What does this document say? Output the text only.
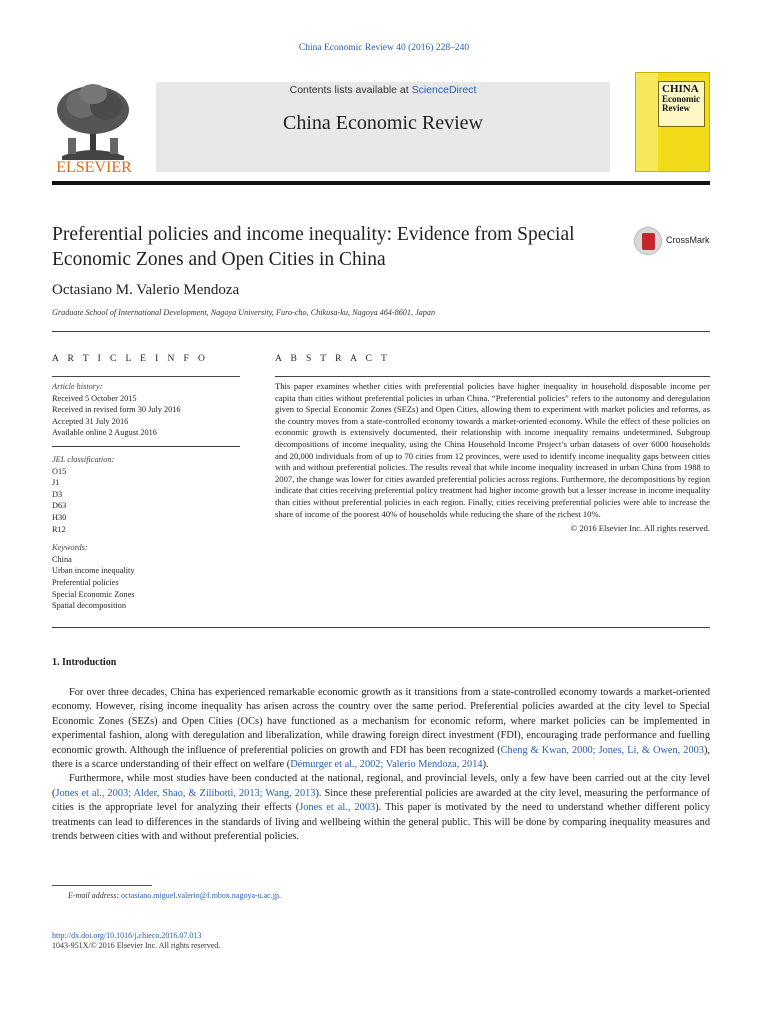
China Economic Review 40 (2016) 228–240
ELSEVIER
Contents lists available at ScienceDirect
China Economic Review
CHINA
Economic
Review
Preferential policies and income inequality: Evidence from Special Economic Zones and Open Cities in China
CrossMark
Octasiano M. Valerio Mendoza
Graduate School of International Development, Nagoya University, Furo-cho, Chikusa-ku, Nagoya 464-8601, Japan
A R T I C L E I N F O
Article history:
Received 5 October 2015
Received in revised form 30 July 2016
Accepted 31 July 2016
Available online 2 August 2016
JEL classification:
O15
J1
D3
D63
H30
R12
Keywords:
China
Urban income inequality
Preferential policies
Special Economic Zones
Spatial decomposition
A B S T R A C T
This paper examines whether cities with preferential policies have higher inequality in household disposable income per capita than cities without preferential policies in urban China. “Preferential policies” refers to the autonomy and deregulation given to Special Economic Zones (SEZs) and Open Cities, allowing them to experiment with market policies and reforms, as the country moves from a state-controlled economy towards a market-oriented economy. While the effect of these policies on economic growth is extensively documented, their relationship with income inequality remains undetermined. Subgroup decompositions of income inequality, using the China Household Income Project’s urban datasets of over 6000 households and 20,000 individuals from of up to 70 cities from 12 provinces, were used to identify income inequality gaps between cities with and without preferential policies. The results reveal that while income inequality increased in urban China from 1988 to 2007, the change was lower for cities awarded preferential policies across regions. Furthermore, the decompositions by region indicate that cities receiving preferential policy treatment had higher income growth but a lesser increase in income inequality than cities without preferential policies in each region. Finally, cities receiving preferential policies were able to increase the share of income of the poorest 40% of households while reducing the share of the richest 10%.
© 2016 Elsevier Inc. All rights reserved.
1. Introduction

For over three decades, China has experienced remarkable economic growth as it transitions from a state-controlled economy towards a market-oriented economy. However, rising income inequality has arisen across the country over the same period. Preferential policies awarded at the city level to Special Economic Zones (SEZs) and Open Cities (OCs) have functioned as a mechanism for economic reform, where market policies can be implemented in experimental fashion, along with deregulation and liberalization, while drawing foreign direct investment (FDI), encouraging trade performance and fuelling economic growth. Although the influence of preferential policies on growth and FDI has been recognized (Cheng & Kwan, 2000; Jones, Li, & Owen, 2003), there is a scarce understanding of their effect on welfare (Démurger et al., 2002; Valerio Mendoza, 2014).

Furthermore, while most studies have been conducted at the national, regional, and provincial levels, only a few have been carried out at the city level (Jones et al., 2003; Alder, Shao, & Zilibotti, 2013; Wang, 2013). Since these preferential policies are awarded at the city level, measuring the performance of cities is the appropriate level for analyzing their effects (Jones et al., 2003). This paper is motivated by the need to understand whether different policy treatments can lead to differences in the standards of living and wellbeing within the general public. This will be done by comparing inequality measures and trends between cities with and without preferential policies.

E-mail address: octasiano.miguel.valerio@f.mbox.nagoya-u.ac.jp.
http://dx.doi.org/10.1016/j.chieco.2016.07.013
1043-951X/© 2016 Elsevier Inc. All rights reserved.
